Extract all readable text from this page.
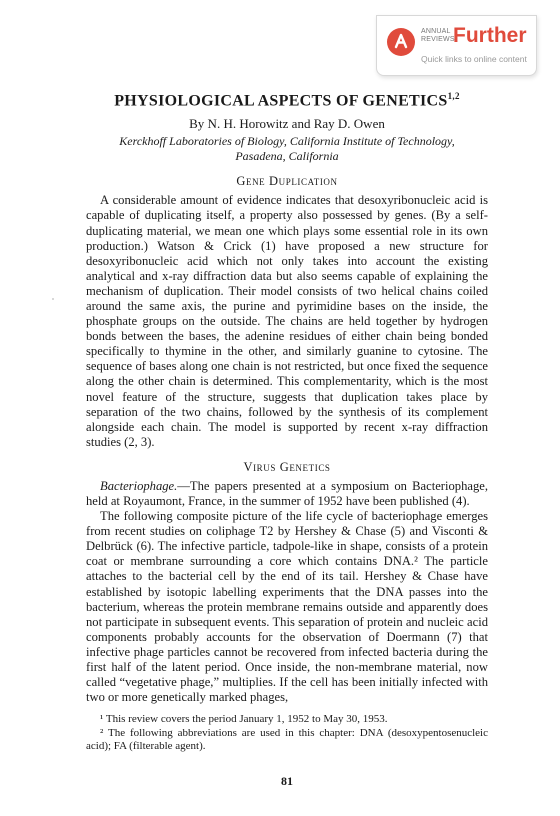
ANNUAL
REVIEWS
Further
Quick links to online content
PHYSIOLOGICAL ASPECTS OF GENETICS$^{1,2}$
By N. H. Horowitz and Ray D. Owen
Kerckhoff Laboratories of Biology, California Institute of Technology,
Pasadena, California
Gene Duplication

A considerable amount of evidence indicates that desoxyribonucleic acid is capable of duplicating itself, a property also possessed by genes. (By a self-duplicating material, we mean one which plays some essential role in its own production.) Watson & Crick (1) have proposed a new structure for desoxyribonucleic acid which not only takes into account the existing analytical and x-ray diffraction data but also seems capable of explaining the mechanism of duplication. Their model consists of two helical chains coiled around the same axis, the purine and pyrimidine bases on the inside, the phosphate groups on the outside. The chains are held together by hydrogen bonds between the bases, the adenine residues of either chain being bonded specifically to thymine in the other, and similarly guanine to cytosine. The sequence of bases along one chain is not restricted, but once fixed the sequence along the other chain is determined. This complementarity, which is the most novel feature of the structure, suggests that duplication takes place by separation of the two chains, followed by the synthesis of its complement alongside each chain. The model is supported by recent x-ray diffraction studies (2, 3).

Virus Genetics

Bacteriophage.—The papers presented at a symposium on Bacteriophage, held at Royaumont, France, in the summer of 1952 have been published (4).

The following composite picture of the life cycle of bacteriophage emerges from recent studies on coliphage T2 by Hershey & Chase (5) and Visconti & Delbrück (6). The infective particle, tadpole-like in shape, consists of a protein coat or membrane surrounding a core which contains DNA.² The particle attaches to the bacterial cell by the end of its tail. Hershey & Chase have established by isotopic labelling experiments that the DNA passes into the bacterium, whereas the protein membrane remains outside and apparently does not participate in subsequent events. This separation of protein and nucleic acid components probably accounts for the observation of Doermann (7) that infective phage particles cannot be recovered from infected bacteria during the first half of the latent period. Once inside, the non-membrane material, now called “vegetative phage,” multiplies. If the cell has been initially infected with two or more genetically marked phages,

¹ This review covers the period January 1, 1952 to May 30, 1953.

² The following abbreviations are used in this chapter: DNA (desoxypentosenucleic acid); FA (filterable agent).

81
